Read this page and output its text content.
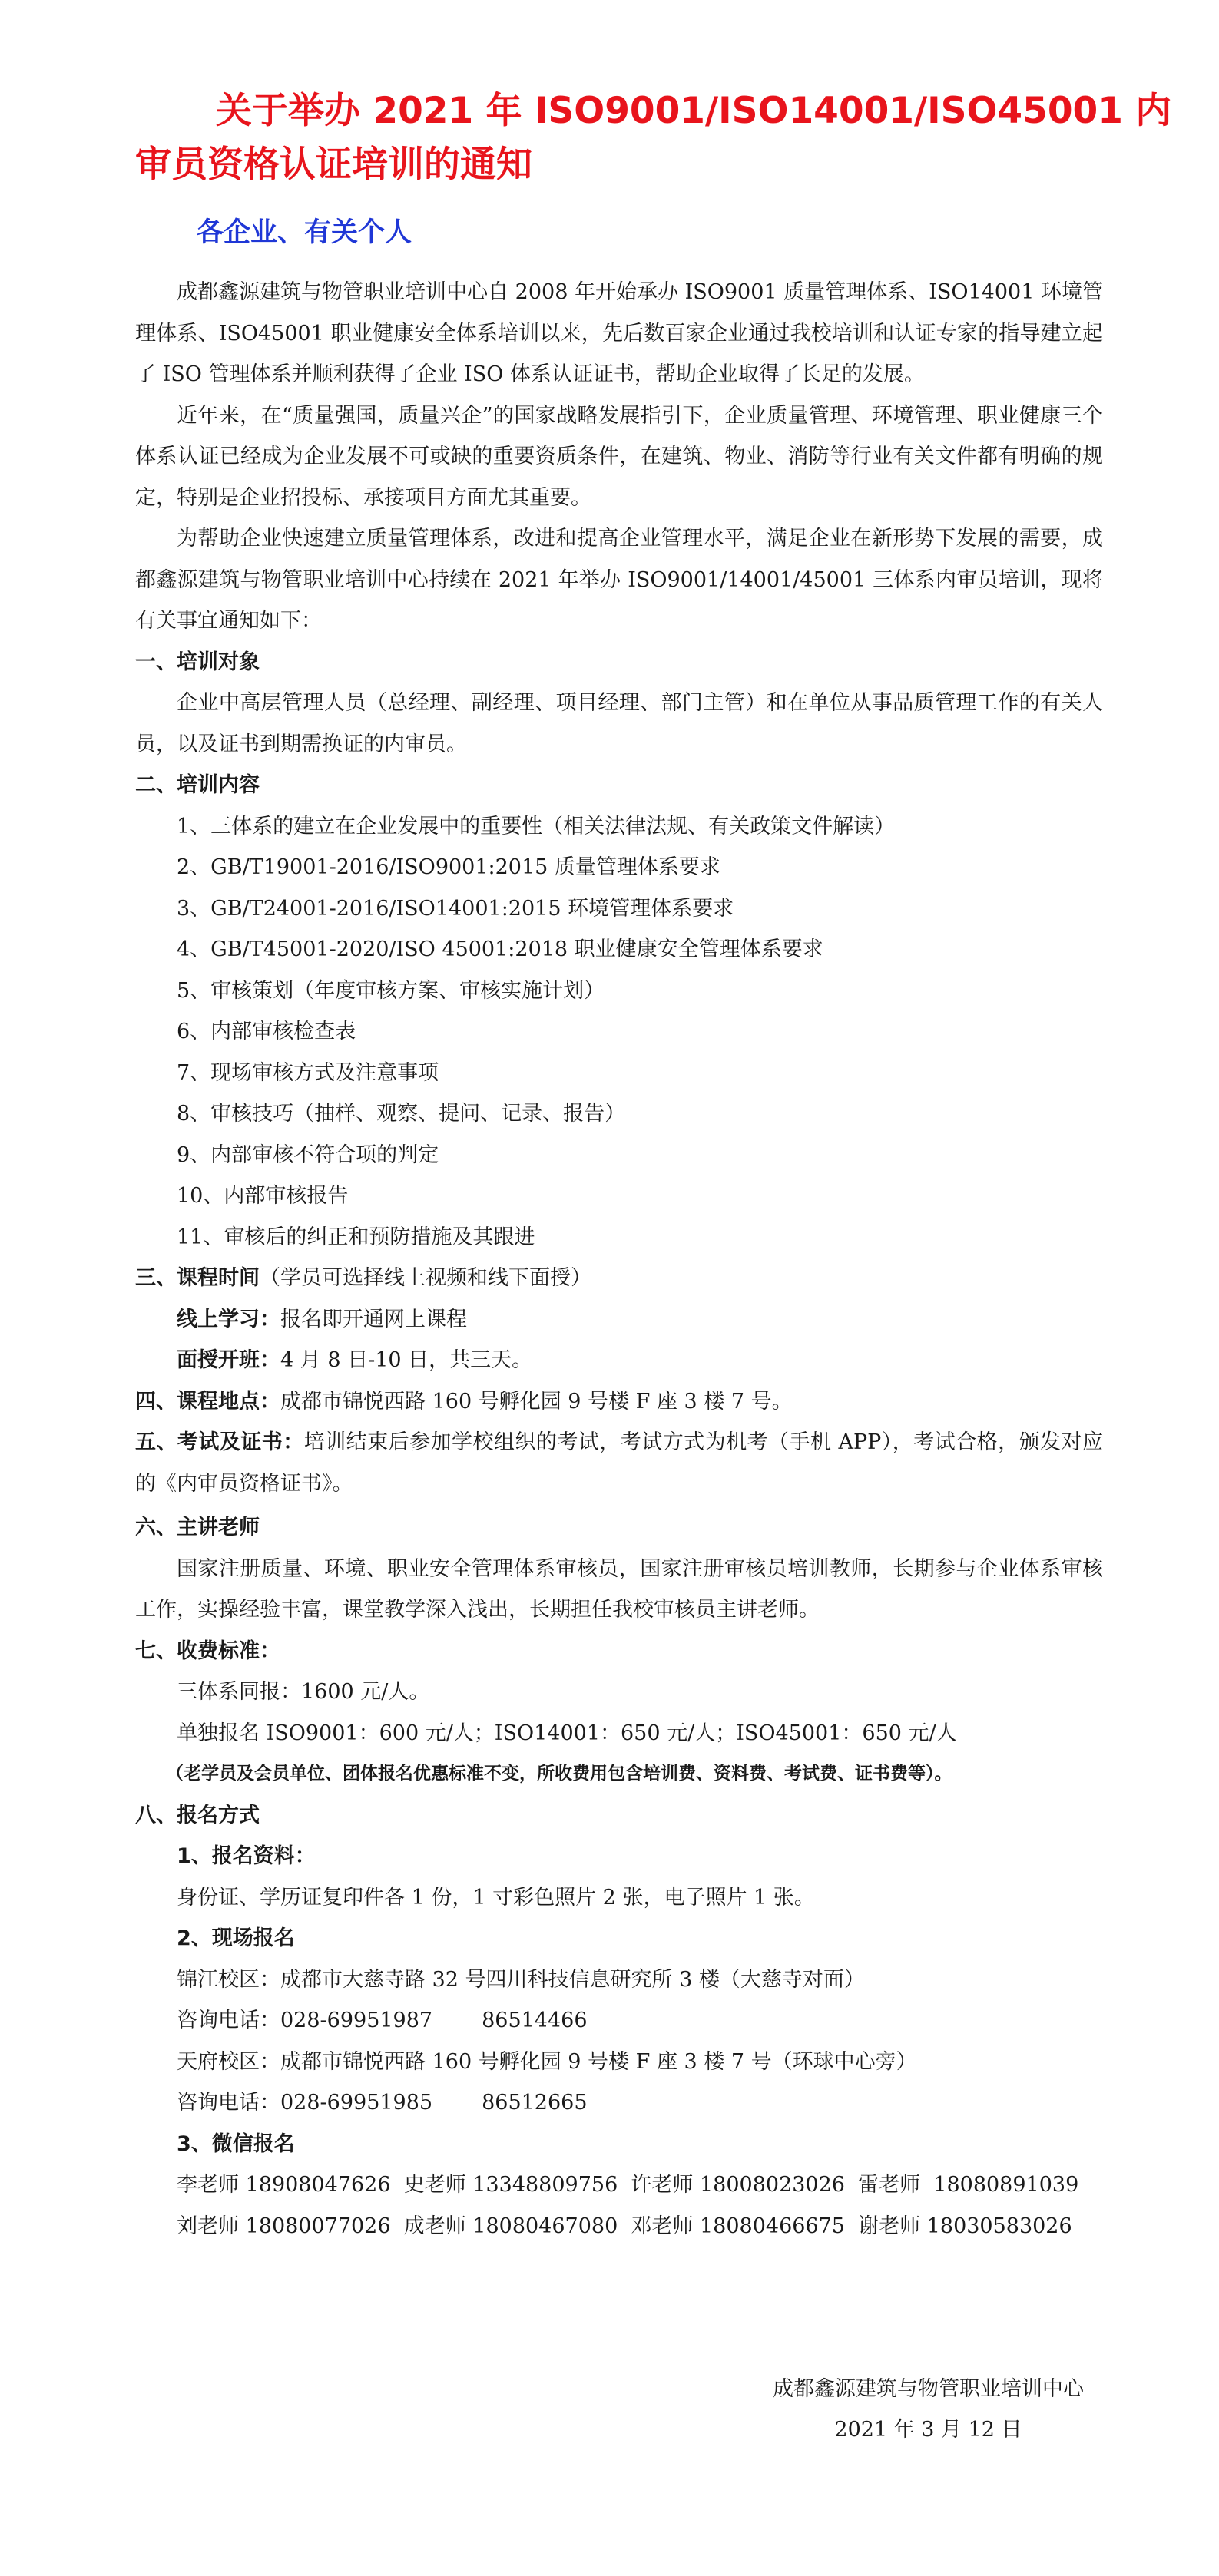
关于举办 2021 年 ISO9001/ISO14001/ISO45001 内
审员资格认证培训的通知
各企业、有关个人

成都鑫源建筑与物管职业培训中心自 2008 年开始承办 ISO9001 质量管理体系、ISO14001 环境管理体系、ISO45001 职业健康安全体系培训以来，先后数百家企业通过我校培训和认证专家的指导建立起了 ISO 管理体系并顺利获得了企业 ISO 体系认证证书，帮助企业取得了长足的发展。

近年来，在“质量强国，质量兴企”的国家战略发展指引下，企业质量管理、环境管理、职业健康三个体系认证已经成为企业发展不可或缺的重要资质条件，在建筑、物业、消防等行业有关文件都有明确的规定，特别是企业招投标、承接项目方面尤其重要。

为帮助企业快速建立质量管理体系，改进和提高企业管理水平，满足企业在新形势下发展的需要，成都鑫源建筑与物管职业培训中心持续在 2021 年举办 ISO9001/14001/45001 三体系内审员培训，现将有关事宜通知如下：

一、培训对象

企业中高层管理人员（总经理、副经理、项目经理、部门主管）和在单位从事品质管理工作的有关人员，以及证书到期需换证的内审员。

二、培训内容
1、三体系的建立在企业发展中的重要性（相关法律法规、有关政策文件解读）
2、GB/T19001-2016/ISO9001:2015 质量管理体系要求
3、GB/T24001-2016/ISO14001:2015 环境管理体系要求
4、GB/T45001-2020/ISO 45001:2018 职业健康安全管理体系要求
5、审核策划（年度审核方案、审核实施计划）
6、内部审核检查表
7、现场审核方式及注意事项
8、审核技巧（抽样、观察、提问、记录、报告）
9、内部审核不符合项的判定
10、内部审核报告
11、审核后的纠正和预防措施及其跟进
三、课程时间（学员可选择线上视频和线下面授）
线上学习：报名即开通网上课程
面授开班：4 月 8 日-10 日，共三天。
四、课程地点：成都市锦悦西路 160 号孵化园 9 号楼 F 座 3 楼 7 号。

五、考试及证书：培训结束后参加学校组织的考试，考试方式为机考（手机 APP），考试合格，颁发对应的《内审员资格证书》。

六、主讲老师

国家注册质量、环境、职业安全管理体系审核员，国家注册审核员培训教师，长期参与企业体系审核工作，实操经验丰富，课堂教学深入浅出，长期担任我校审核员主讲老师。

七、收费标准：
三体系同报：1600 元/人。
单独报名 ISO9001：600 元/人；ISO14001：650 元/人；ISO45001：650 元/人
（老学员及会员单位、团体报名优惠标准不变，所收费用包含培训费、资料费、考试费、证书费等）。
八、报名方式
1、报名资料：
身份证、学历证复印件各 1 份，1 寸彩色照片 2 张，电子照片 1 张。
2、现场报名
锦江校区：成都市大慈寺路 32 号四川科技信息研究所 3 楼（大慈寺对面）
咨询电话：028-69951987 86514466
天府校区：成都市锦悦西路 160 号孵化园 9 号楼 F 座 3 楼 7 号（环球中心旁）
咨询电话：028-69951985 86512665
3、微信报名
李老师 18908047626  史老师 13348809756  许老师 18008023026  雷老师  18080891039
刘老师 18080077026  成老师 18080467080  邓老师 18080466675  谢老师 18030583026
成都鑫源建筑与物管职业培训中心
2021 年 3 月 12 日
